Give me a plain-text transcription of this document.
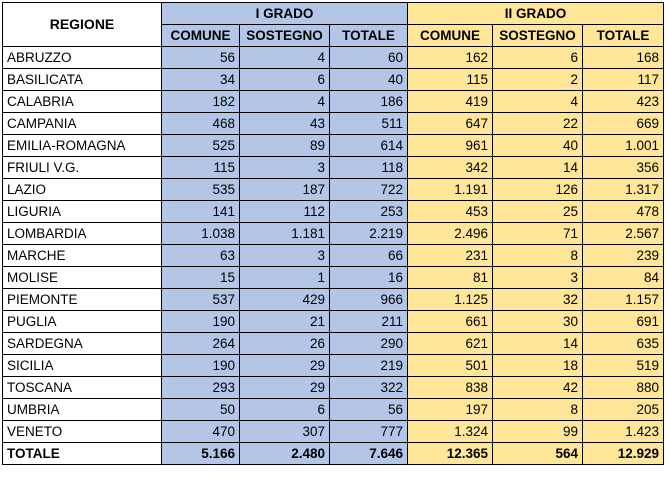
REGIONE	I GRADO			II GRADO		
	COMUNE	SOSTEGNO	TOTALE	COMUNE	SOSTEGNO	TOTALE
ABRUZZO	56	4	60	162	6	168
BASILICATA	34	6	40	115	2	117
CALABRIA	182	4	186	419	4	423
CAMPANIA	468	43	511	647	22	669
EMILIA-ROMAGNA	525	89	614	961	40	1.001
FRIULI V.G.	115	3	118	342	14	356
LAZIO	535	187	722	1.191	126	1.317
LIGURIA	141	112	253	453	25	478
LOMBARDIA	1.038	1.181	2.219	2.496	71	2.567
MARCHE	63	3	66	231	8	239
MOLISE	15	1	16	81	3	84
PIEMONTE	537	429	966	1.125	32	1.157
PUGLIA	190	21	211	661	30	691
SARDEGNA	264	26	290	621	14	635
SICILIA	190	29	219	501	18	519
TOSCANA	293	29	322	838	42	880
UMBRIA	50	6	56	197	8	205
VENETO	470	307	777	1.324	99	1.423
TOTALE	5.166	2.480	7.646	12.365	564	12.929
